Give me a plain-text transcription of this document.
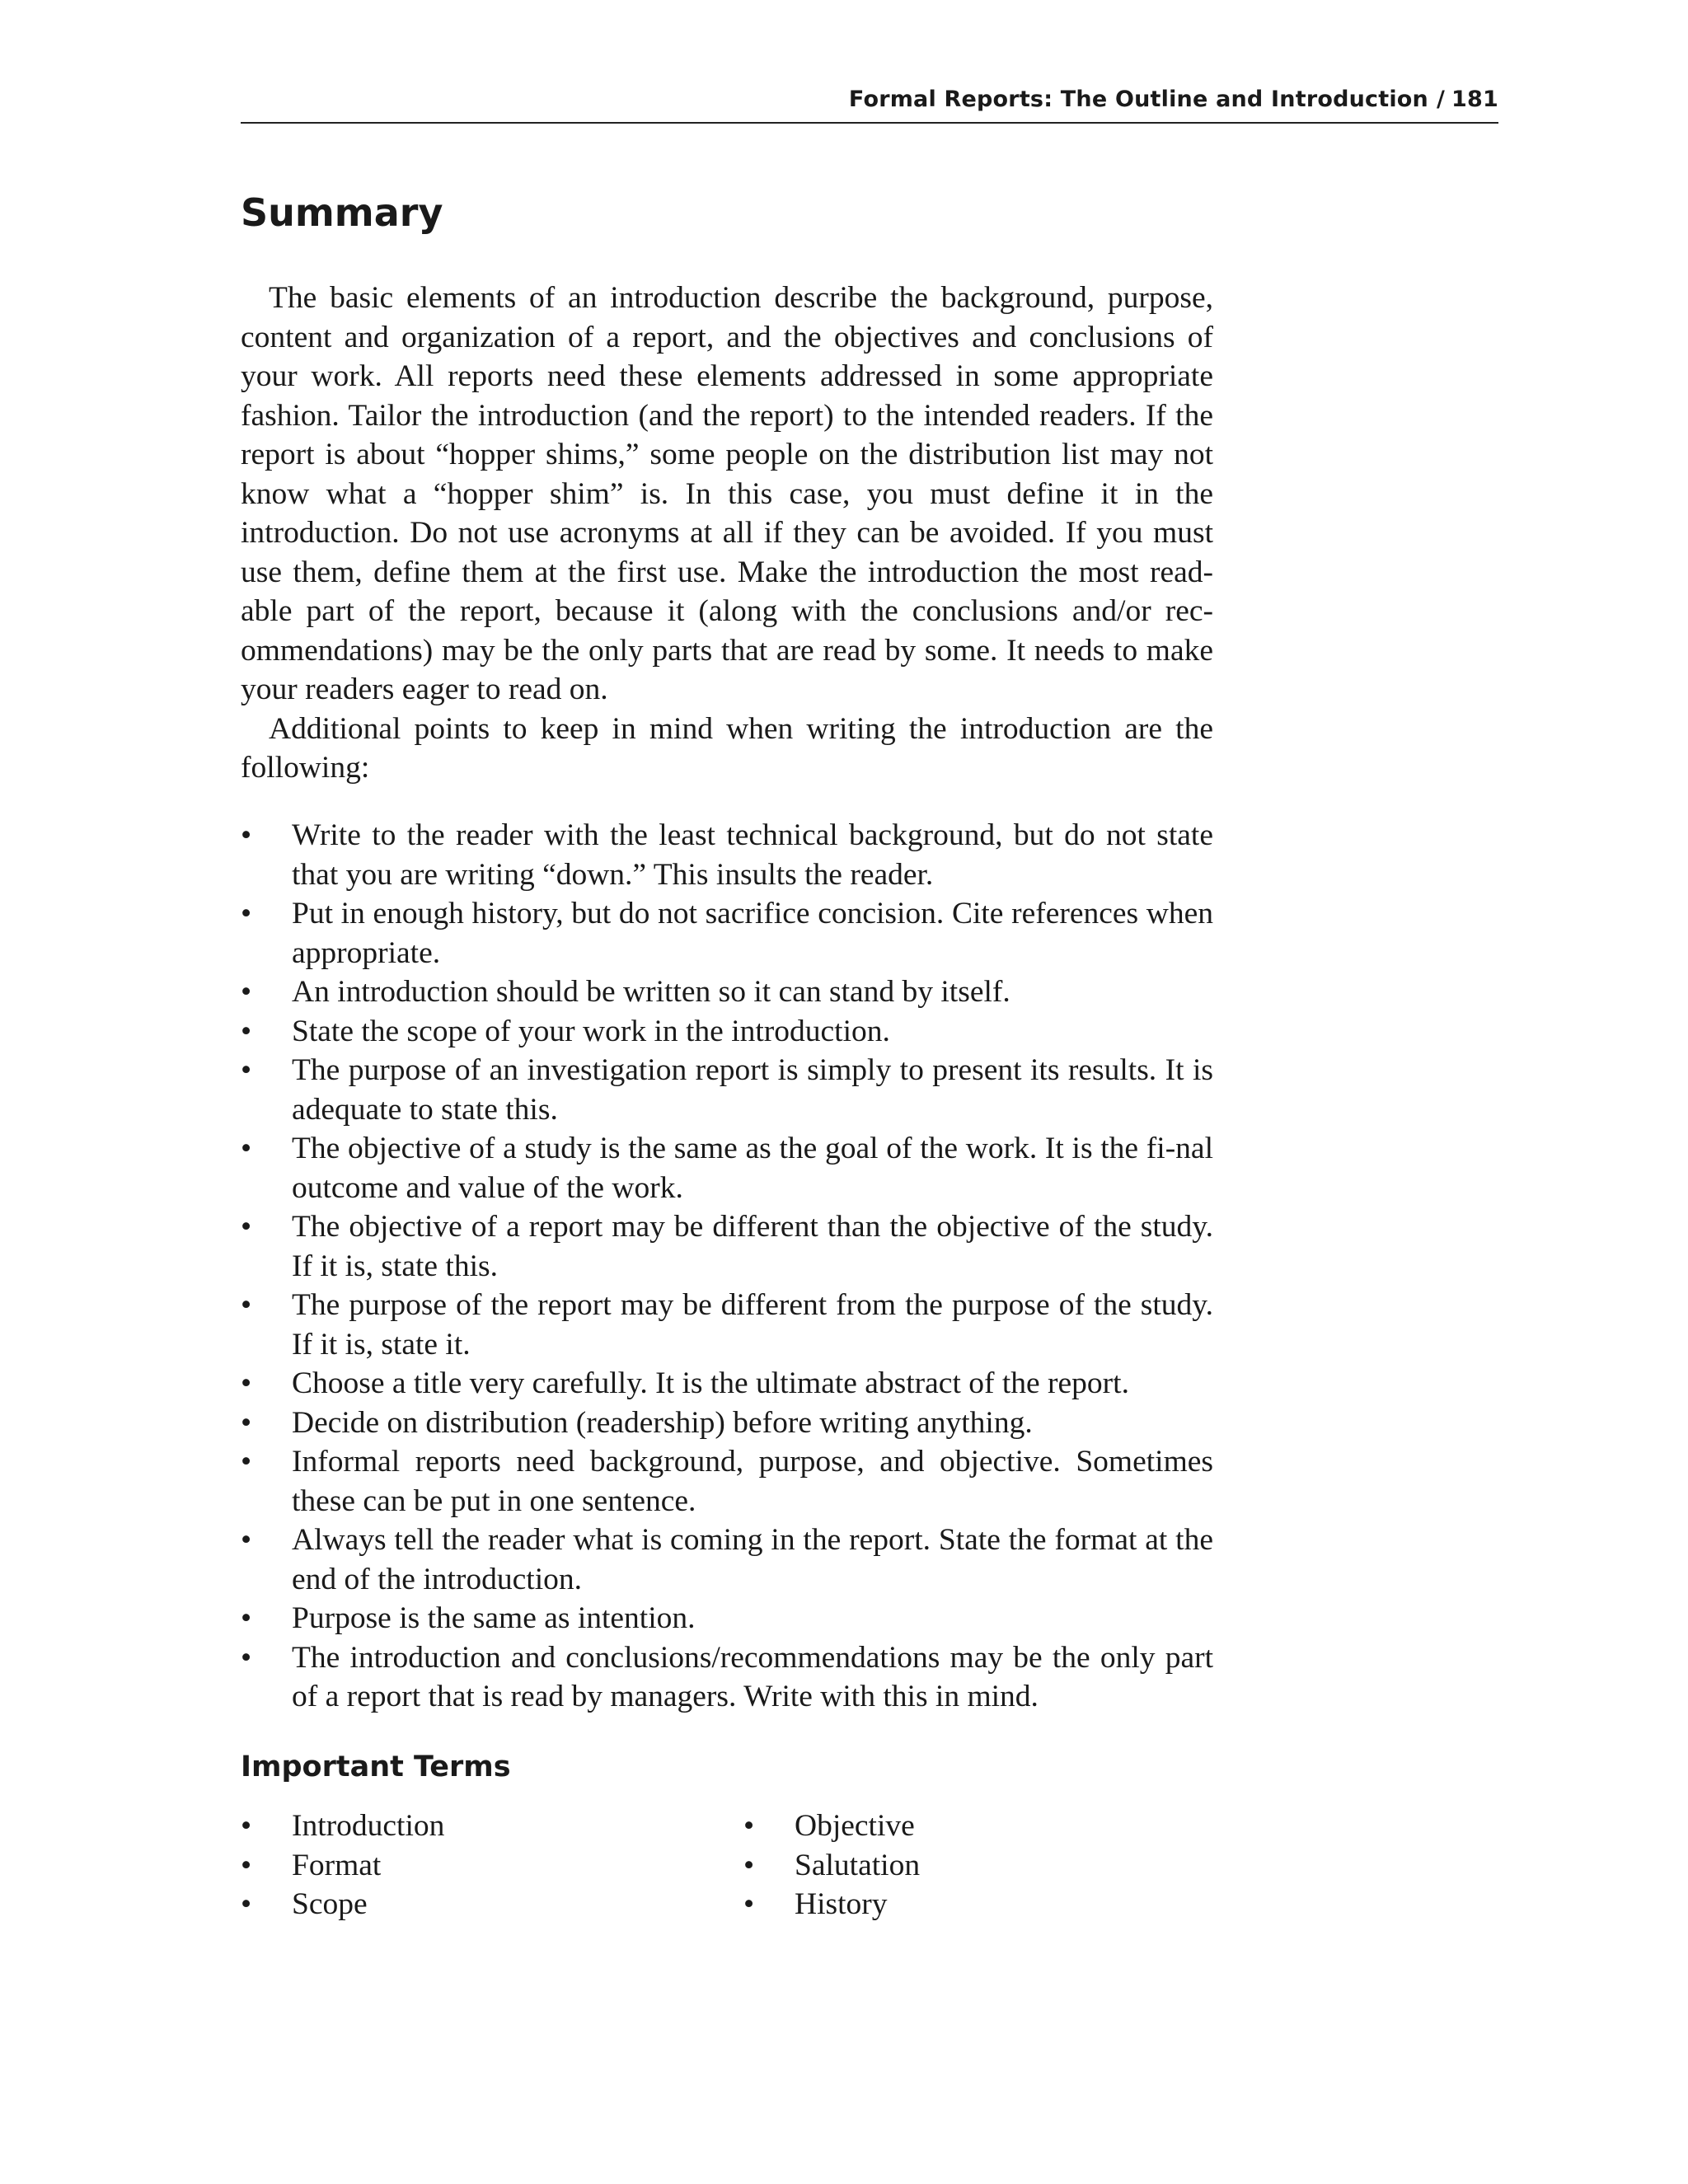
Formal Reports: The Outline and Introduction / 181
Summary

The basic elements of an introduction describe the background, purpose, content and organization of a report, and the objectives and conclusions of your work. All reports need these elements addressed in some appropriate fashion. Tailor the introduction (and the report) to the intended readers. If the report is about “hopper shims,” some people on the distribution list may not know what a “hopper shim” is. In this case, you must define it in the introduction. Do not use acronyms at all if they can be avoided. If you must use them, define them at the first use. Make the introduction the most read-able part of the report, because it (along with the conclusions and/or rec-ommendations) may be the only parts that are read by some. It needs to make your readers eager to read on.

Additional points to keep in mind when writing the introduction are the following:

•	Write to the reader with the least technical background, but do not state that you are writing “down.” This insults the reader.
•	Put in enough history, but do not sacrifice concision. Cite references when appropriate.
•	An introduction should be written so it can stand by itself.
•	State the scope of your work in the introduction.
•	The purpose of an investigation report is simply to present its results. It is adequate to state this.
•	The objective of a study is the same as the goal of the work. It is the fi-nal outcome and value of the work.
•	The objective of a report may be different than the objective of the study. If it is, state this.
•	The purpose of the report may be different from the purpose of the study. If it is, state it.
•	Choose a title very carefully. It is the ultimate abstract of the report.
•	Decide on distribution (readership) before writing anything.
•	Informal reports need background, purpose, and objective. Sometimes these can be put in one sentence.
•	Always tell the reader what is coming in the report. State the format at the end of the introduction.
•	Purpose is the same as intention.
•	The introduction and conclusions/recommendations may be the only part of a report that is read by managers. Write with this in mind.
Important Terms
• Introduction
• Format
• Scope
• Objective
• Salutation
• History
